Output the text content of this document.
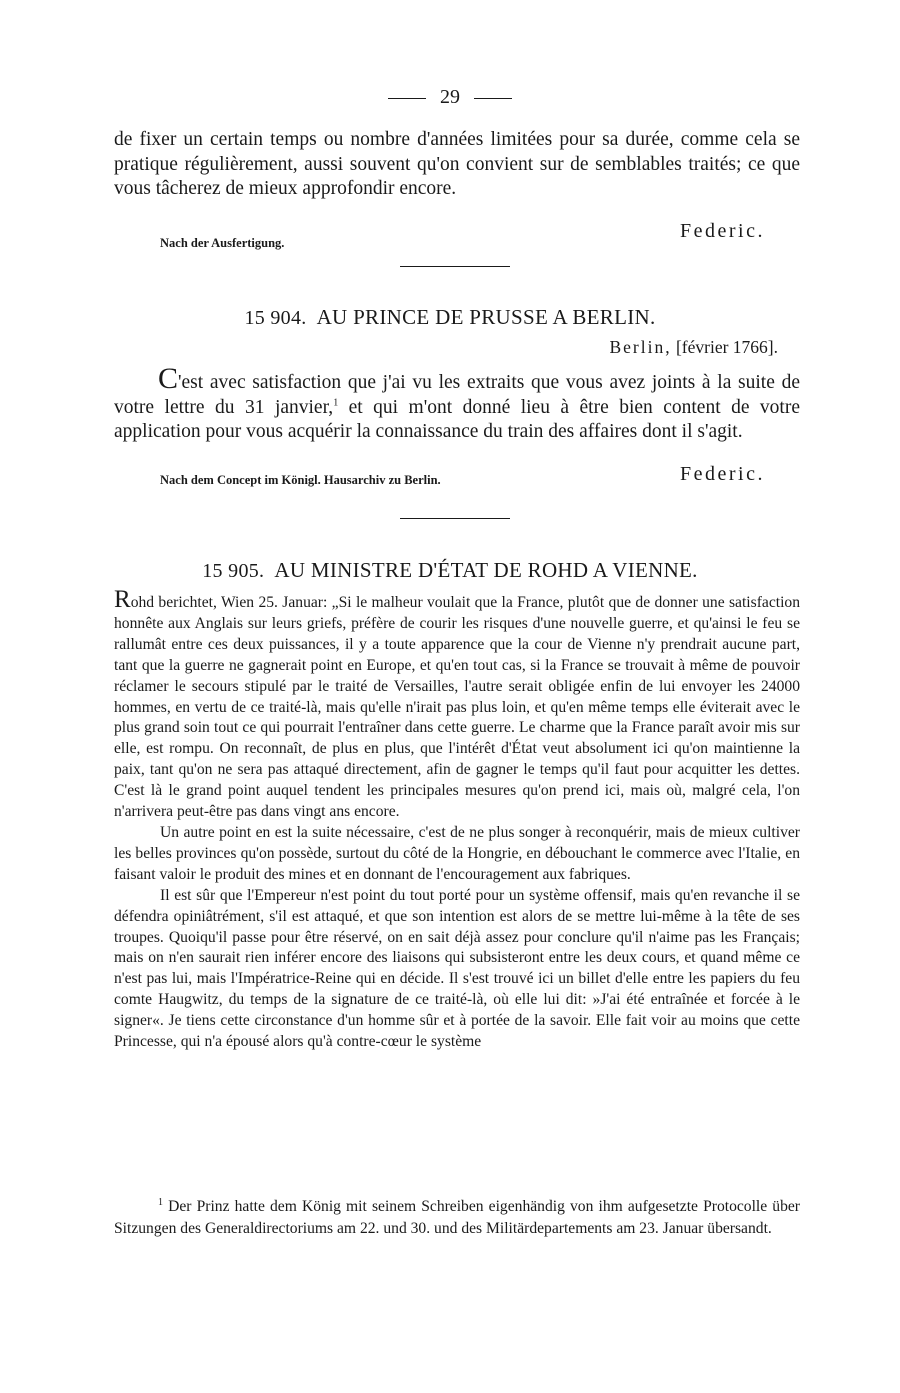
29

de fixer un certain temps ou nombre d'années limitées pour sa durée, comme cela se pratique régulièrement, aussi souvent qu'on convient sur de semblables traités; ce que vous tâcherez de mieux approfondir encore.

Nach der Ausfertigung.
Federic.
15 904. AU PRINCE DE PRUSSE A BERLIN.
Berlin, [février 1766].

C'est avec satisfaction que j'ai vu les extraits que vous avez joints à la suite de votre lettre du 31 janvier,$^1$ et qui m'ont donné lieu à être bien content de votre application pour vous acquérir la connaissance du train des affaires dont il s'agit.

Nach dem Concept im Königl. Hausarchiv zu Berlin.	Federic.
15 905. AU MINISTRE D'ÉTAT DE ROHD A VIENNE.

Rohd berichtet, Wien 25. Januar: „Si le malheur voulait que la France, plutôt que de donner une satisfaction honnête aux Anglais sur leurs griefs, préfère de courir les risques d'une nouvelle guerre, et qu'ainsi le feu se rallumât entre ces deux puissances, il y a toute apparence que la cour de Vienne n'y prendrait aucune part, tant que la guerre ne gagnerait point en Europe, et qu'en tout cas, si la France se trouvait à même de pouvoir réclamer le secours stipulé par le traité de Versailles, l'autre serait obligée enfin de lui envoyer les 24000 hommes, en vertu de ce traité-là, mais qu'elle n'irait pas plus loin, et qu'en même temps elle éviterait avec le plus grand soin tout ce qui pourrait l'entraîner dans cette guerre. Le charme que la France paraît avoir mis sur elle, est rompu. On reconnaît, de plus en plus, que l'intérêt d'État veut absolument ici qu'on maintienne la paix, tant qu'on ne sera pas attaqué directement, afin de gagner le temps qu'il faut pour acquitter les dettes. C'est là le grand point auquel tendent les principales mesures qu'on prend ici, mais où, malgré cela, l'on n'arrivera peut-être pas dans vingt ans encore.

Un autre point en est la suite nécessaire, c'est de ne plus songer à reconquérir, mais de mieux cultiver les belles provinces qu'on possède, surtout du côté de la Hongrie, en débouchant le commerce avec l'Italie, en faisant valoir le produit des mines et en donnant de l'encouragement aux fabriques.

Il est sûr que l'Empereur n'est point du tout porté pour un système offensif, mais qu'en revanche il se défendra opiniâtrément, s'il est attaqué, et que son intention est alors de se mettre lui-même à la tête de ses troupes. Quoiqu'il passe pour être réservé, on en sait déjà assez pour conclure qu'il n'aime pas les Français; mais on n'en saurait rien inférer encore des liaisons qui subsisteront entre les deux cours, et quand même ce n'est pas lui, mais l'Impératrice-Reine qui en décide. Il s'est trouvé ici un billet d'elle entre les papiers du feu comte Haugwitz, du temps de la signature de ce traité-là, où elle lui dit: »J'ai été entraînée et forcée à le signer«. Je tiens cette circonstance d'un homme sûr et à portée de la savoir. Elle fait voir au moins que cette Princesse, qui n'a épousé alors qu'à contre-cœur le système

$^1$ Der Prinz hatte dem König mit seinem Schreiben eigenhändig von ihm aufgesetzte Protocolle über Sitzungen des Generaldirectoriums am 22. und 30. und des Militärdepartements am 23. Januar übersandt.
